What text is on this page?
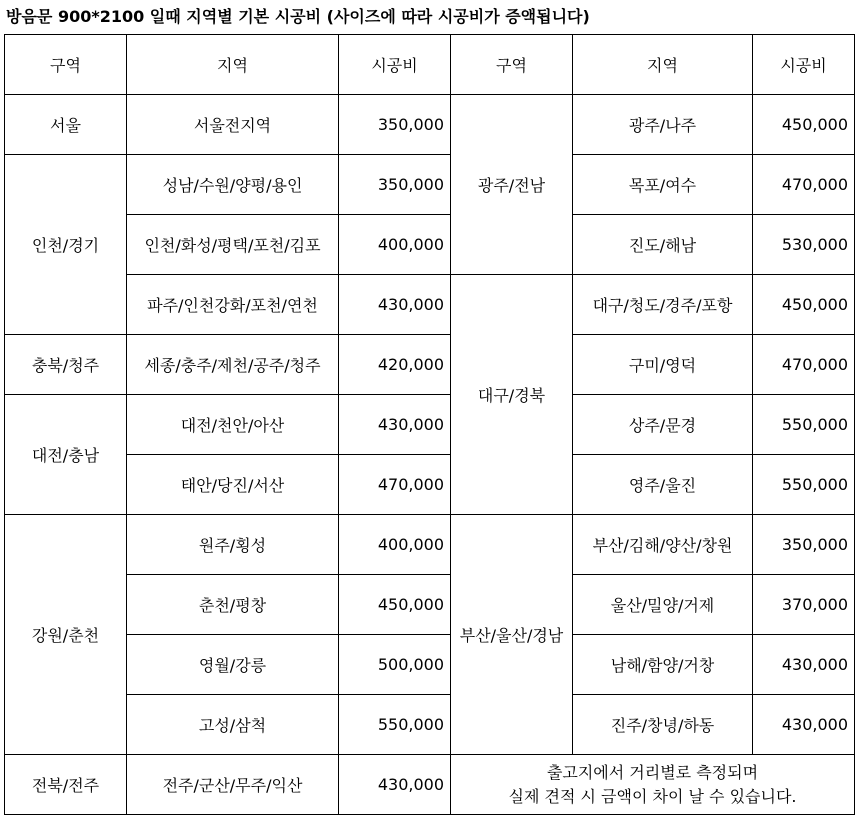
방음문 900*2100 일때 지역별 기본 시공비 (사이즈에 따라 시공비가 증액됩니다)
구역	지역	시공비	구역	지역	시공비
서울	서울전지역	350,000	광주/전남	광주/나주	450,000
인천/경기	성남/수원/양평/용인	350,000		목포/여수	470,000
	인천/화성/평택/포천/김포	400,000		진도/해남	530,000
	파주/인천강화/포천/연천	430,000	대구/경북	대구/청도/경주/포항	450,000
충북/청주	세종/충주/제천/공주/청주	420,000		구미/영덕	470,000
대전/충남	대전/천안/아산	430,000		상주/문경	550,000
	태안/당진/서산	470,000		영주/울진	550,000
강원/춘천	원주/횡성	400,000	부산/울산/경남	부산/김해/양산/창원	350,000
	춘천/평창	450,000		울산/밀양/거제	370,000
	영월/강릉	500,000		남해/함양/거창	430,000
	고성/삼척	550,000		진주/창녕/하동	430,000
전북/전주	전주/군산/무주/익산	430,000	출고지에서 거리별로 측정되며
실제 견적 시 금액이 차이 날 수 있습니다.		
